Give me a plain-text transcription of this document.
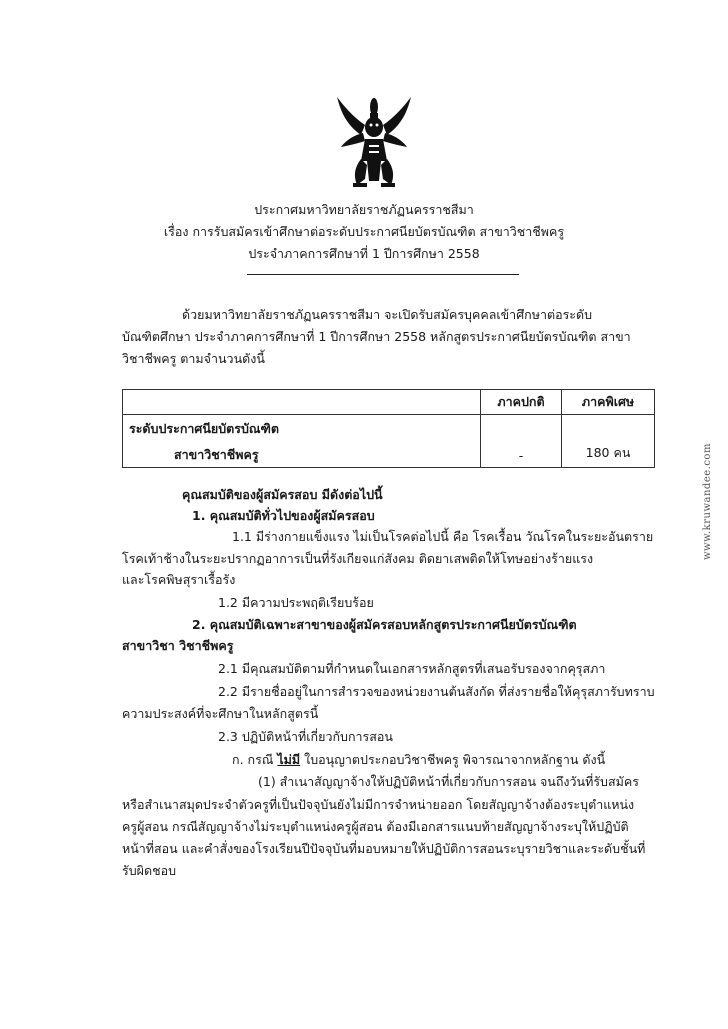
ประกาศมหาวิทยาลัยราชภัฏนครราชสีมา
เรื่อง การรับสมัครเข้าศึกษาต่อระดับประกาศนียบัตรบัณฑิต สาขาวิชาชีพครู
ประจำภาคการศึกษาที่ 1 ปีการศึกษา 2558
ด้วยมหาวิทยาลัยราชภัฏนครราชสีมา จะเปิดรับสมัครบุคคลเข้าศึกษาต่อระดับ
บัณฑิตศึกษา ประจำภาคการศึกษาที่ 1 ปีการศึกษา 2558 หลักสูตรประกาศนียบัตรบัณฑิต สาขา
วิชาชีพครู ตามจำนวนดังนี้
	ภาคปกติ	ภาคพิเศษ

ระดับประกาศนียบัตรบัณฑิต
สาขาวิชาชีพครู	-	180 คน
คุณสมบัติของผู้สมัครสอบ มีดังต่อไปนี้
1. คุณสมบัติทั่วไปของผู้สมัครสอบ
1.1 มีร่างกายแข็งแรง ไม่เป็นโรคต่อไปนี้ คือ โรคเรื้อน วัณโรคในระยะอันตราย
โรคเท้าช้างในระยะปรากฏอาการเป็นที่รังเกียจแก่สังคม ติดยาเสพติดให้โทษอย่างร้ายแรง
และโรคพิษสุราเรื้อรัง
1.2 มีความประพฤติเรียบร้อย
2. คุณสมบัติเฉพาะสาขาของผู้สมัครสอบหลักสูตรประกาศนียบัตรบัณฑิต
สาขาวิชา วิชาชีพครู
2.1 มีคุณสมบัติตามที่กำหนดในเอกสารหลักสูตรที่เสนอรับรองจากคุรุสภา
2.2 มีรายชื่ออยู่ในการสำรวจของหน่วยงานต้นสังกัด ที่ส่งรายชื่อให้คุรุสภารับทราบ
ความประสงค์ที่จะศึกษาในหลักสูตรนี้
2.3 ปฏิบัติหน้าที่เกี่ยวกับการสอน
ก. กรณี ไม่มี ใบอนุญาตประกอบวิชาชีพครู พิจารณาจากหลักฐาน ดังนี้
(1) สำเนาสัญญาจ้างให้ปฏิบัติหน้าที่เกี่ยวกับการสอน จนถึงวันที่รับสมัคร
หรือสำเนาสมุดประจำตัวครูที่เป็นปัจจุบันยังไม่มีการจำหน่ายออก โดยสัญญาจ้างต้องระบุตำแหน่ง
ครูผู้สอน กรณีสัญญาจ้างไม่ระบุตำแหน่งครูผู้สอน ต้องมีเอกสารแนบท้ายสัญญาจ้างระบุให้ปฏิบัติ
หน้าที่สอน และคำสั่งของโรงเรียนปีปัจจุบันที่มอบหมายให้ปฏิบัติการสอนระบุรายวิชาและระดับชั้นที่
รับผิดชอบ
www.kruwandee.com
